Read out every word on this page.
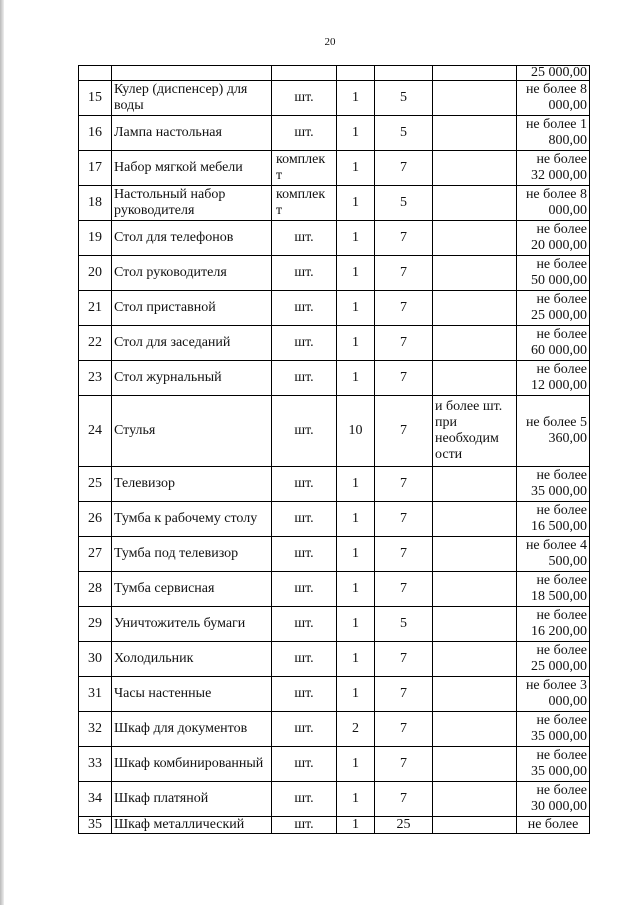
20
						25 000,00
15	Кулер (диспенсер) для воды	шт.	1	5		не более 8 000,00
16	Лампа настольная	шт.	1	5		не более 1 800,00
17	Набор мягкой мебели	комплек т	1	7		не более 32 000,00
18	Настольный набор руководителя	комплек т	1	5		не более 8 000,00
19	Стол для телефонов	шт.	1	7		не более 20 000,00
20	Стол руководителя	шт.	1	7		не более 50 000,00
21	Стол приставной	шт.	1	7		не более 25 000,00
22	Стол для заседаний	шт.	1	7		не более 60 000,00
23	Стол журнальный	шт.	1	7		не более 12 000,00
24	Стулья	шт.	10	7	и более шт. при необходим ости	не более 5 360,00
25	Телевизор	шт.	1	7		не более 35 000,00
26	Тумба к рабочему столу	шт.	1	7		не более 16 500,00
27	Тумба под телевизор	шт.	1	7		не более 4 500,00
28	Тумба сервисная	шт.	1	7		не более 18 500,00
29	Уничтожитель бумаги	шт.	1	5		не более 16 200,00
30	Холодильник	шт.	1	7		не более 25 000,00
31	Часы настенные	шт.	1	7		не более 3 000,00
32	Шкаф для документов	шт.	2	7		не более 35 000,00
33	Шкаф комбинированный	шт.	1	7		не более 35 000,00
34	Шкаф платяной	шт.	1	7		не более 30 000,00
35	Шкаф металлический	шт.	1	25		не более
